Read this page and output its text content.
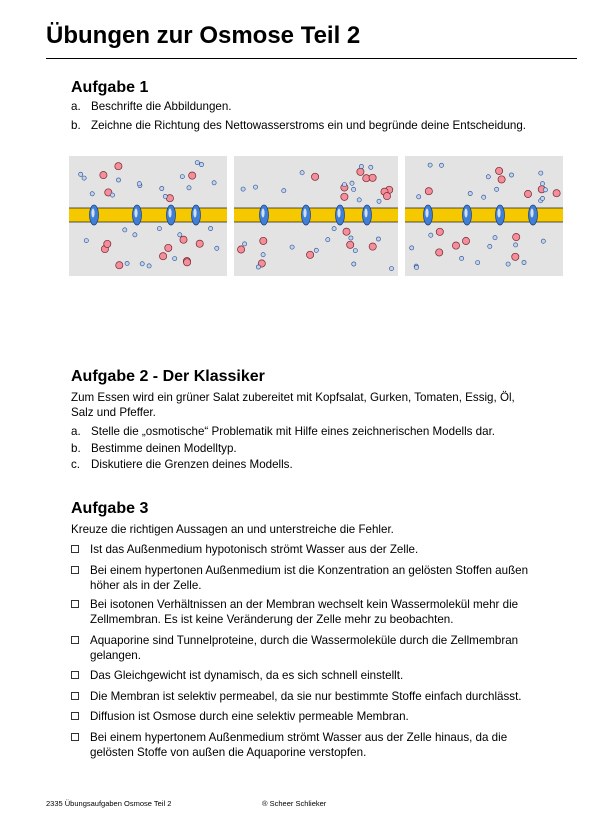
Übungen zur Osmose Teil 2
Aufgabe 1
a. Beschrifte die Abbildungen.
b. Zeichne die Richtung des Nettowasserstroms ein und begründe deine Entscheidung.
Aufgabe 2 - Der Klassiker
Zum Essen wird ein grüner Salat zubereitet mit Kopfsalat, Gurken, Tomaten, Essig, Öl,
Salz und Pfeffer.
a. Stelle die „osmotische“ Problematik mit Hilfe eines zeichnerischen Modells dar.
b. Bestimme deinen Modelltyp.
c. Diskutiere die Grenzen deines Modells.
Aufgabe 3
Kreuze die richtigen Aussagen an und unterstreiche die Fehler.
Ist das Außenmedium hypotonisch strömt Wasser aus der Zelle.
Bei einem hypertonen Außenmedium ist die Konzentration an gelösten Stoffen außen
höher als in der Zelle.
Bei isotonen Verhältnissen an der Membran wechselt kein Wassermolekül mehr die
Zellmembran. Es ist keine Veränderung der Zelle mehr zu beobachten.
Aquaporine sind Tunnelproteine, durch die Wassermoleküle durch die Zellmembran
gelangen.
Das Gleichgewicht ist dynamisch, da es sich schnell einstellt.
Die Membran ist selektiv permeabel, da sie nur bestimmte Stoffe einfach durchlässt.
Diffusion ist Osmose durch eine selektiv permeable Membran.
Bei einem hypertonem Außenmedium strömt Wasser aus der Zelle hinaus, da die
gelösten Stoffe von außen die Aquaporine verstopfen.
2335 Übungsaufgaben Osmose Teil 2	® Scheer Schlieker
